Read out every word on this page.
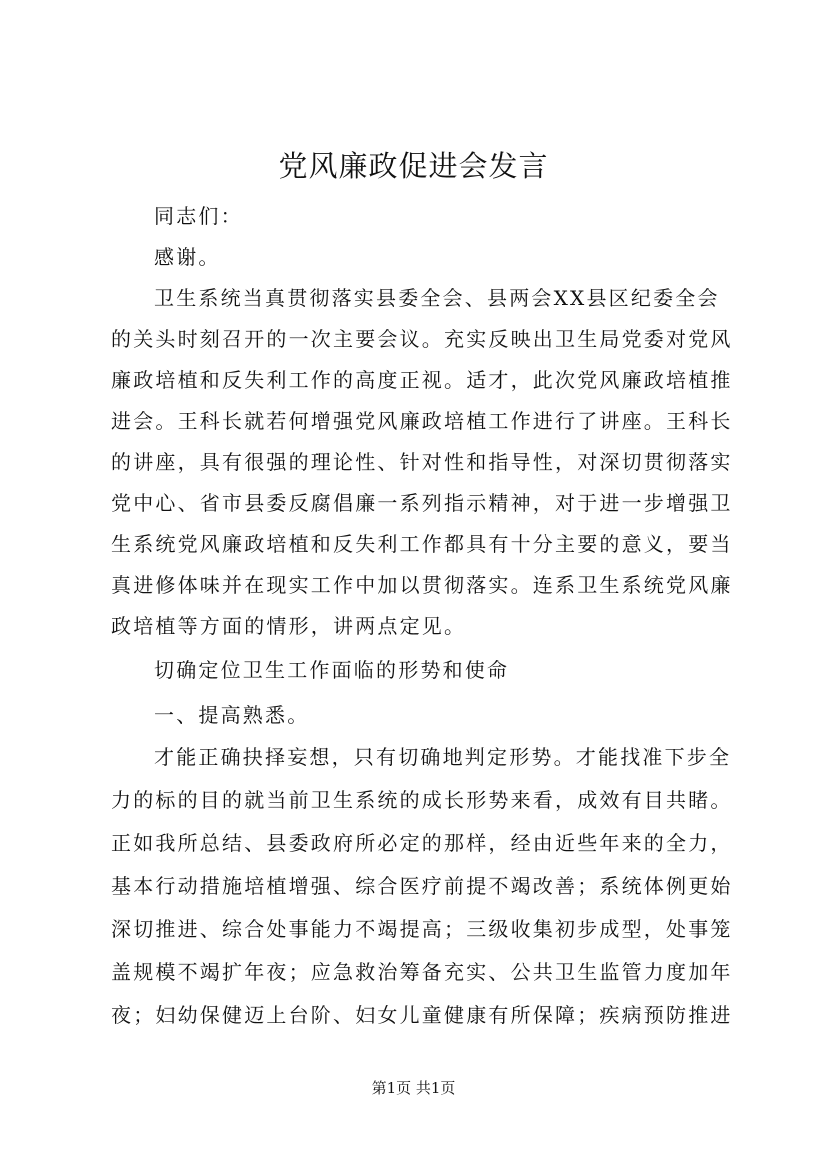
党风廉政促进会发言

同志们：

感谢。

卫生系统当真贯彻落实县委全会、县两会XX县区纪委全会

的关头时刻召开的一次主要会议。充实反映出卫生局党委对党风

廉政培植和反失利工作的高度正视。适才，此次党风廉政培植推

进会。王科长就若何增强党风廉政培植工作进行了讲座。王科长

的讲座，具有很强的理论性、针对性和指导性，对深切贯彻落实

党中心、省市县委反腐倡廉一系列指示精神，对于进一步增强卫

生系统党风廉政培植和反失利工作都具有十分主要的意义，要当

真进修体味并在现实工作中加以贯彻落实。连系卫生系统党风廉

政培植等方面的情形，讲两点定见。

切确定位卫生工作面临的形势和使命

一、提高熟悉。

才能正确抉择妄想，只有切确地判定形势。才能找准下步全

力的标的目的就当前卫生系统的成长形势来看，成效有目共睹。

正如我所总结、县委政府所必定的那样，经由近些年来的全力，

基本行动措施培植增强、综合医疗前提不竭改善；系统体例更始

深切推进、综合处事能力不竭提高；三级收集初步成型，处事笼

盖规模不竭扩年夜；应急救治筹备充实、公共卫生监管力度加年

夜；妇幼保健迈上台阶、妇女儿童健康有所保障；疾病预防推进

第1页 共1页
